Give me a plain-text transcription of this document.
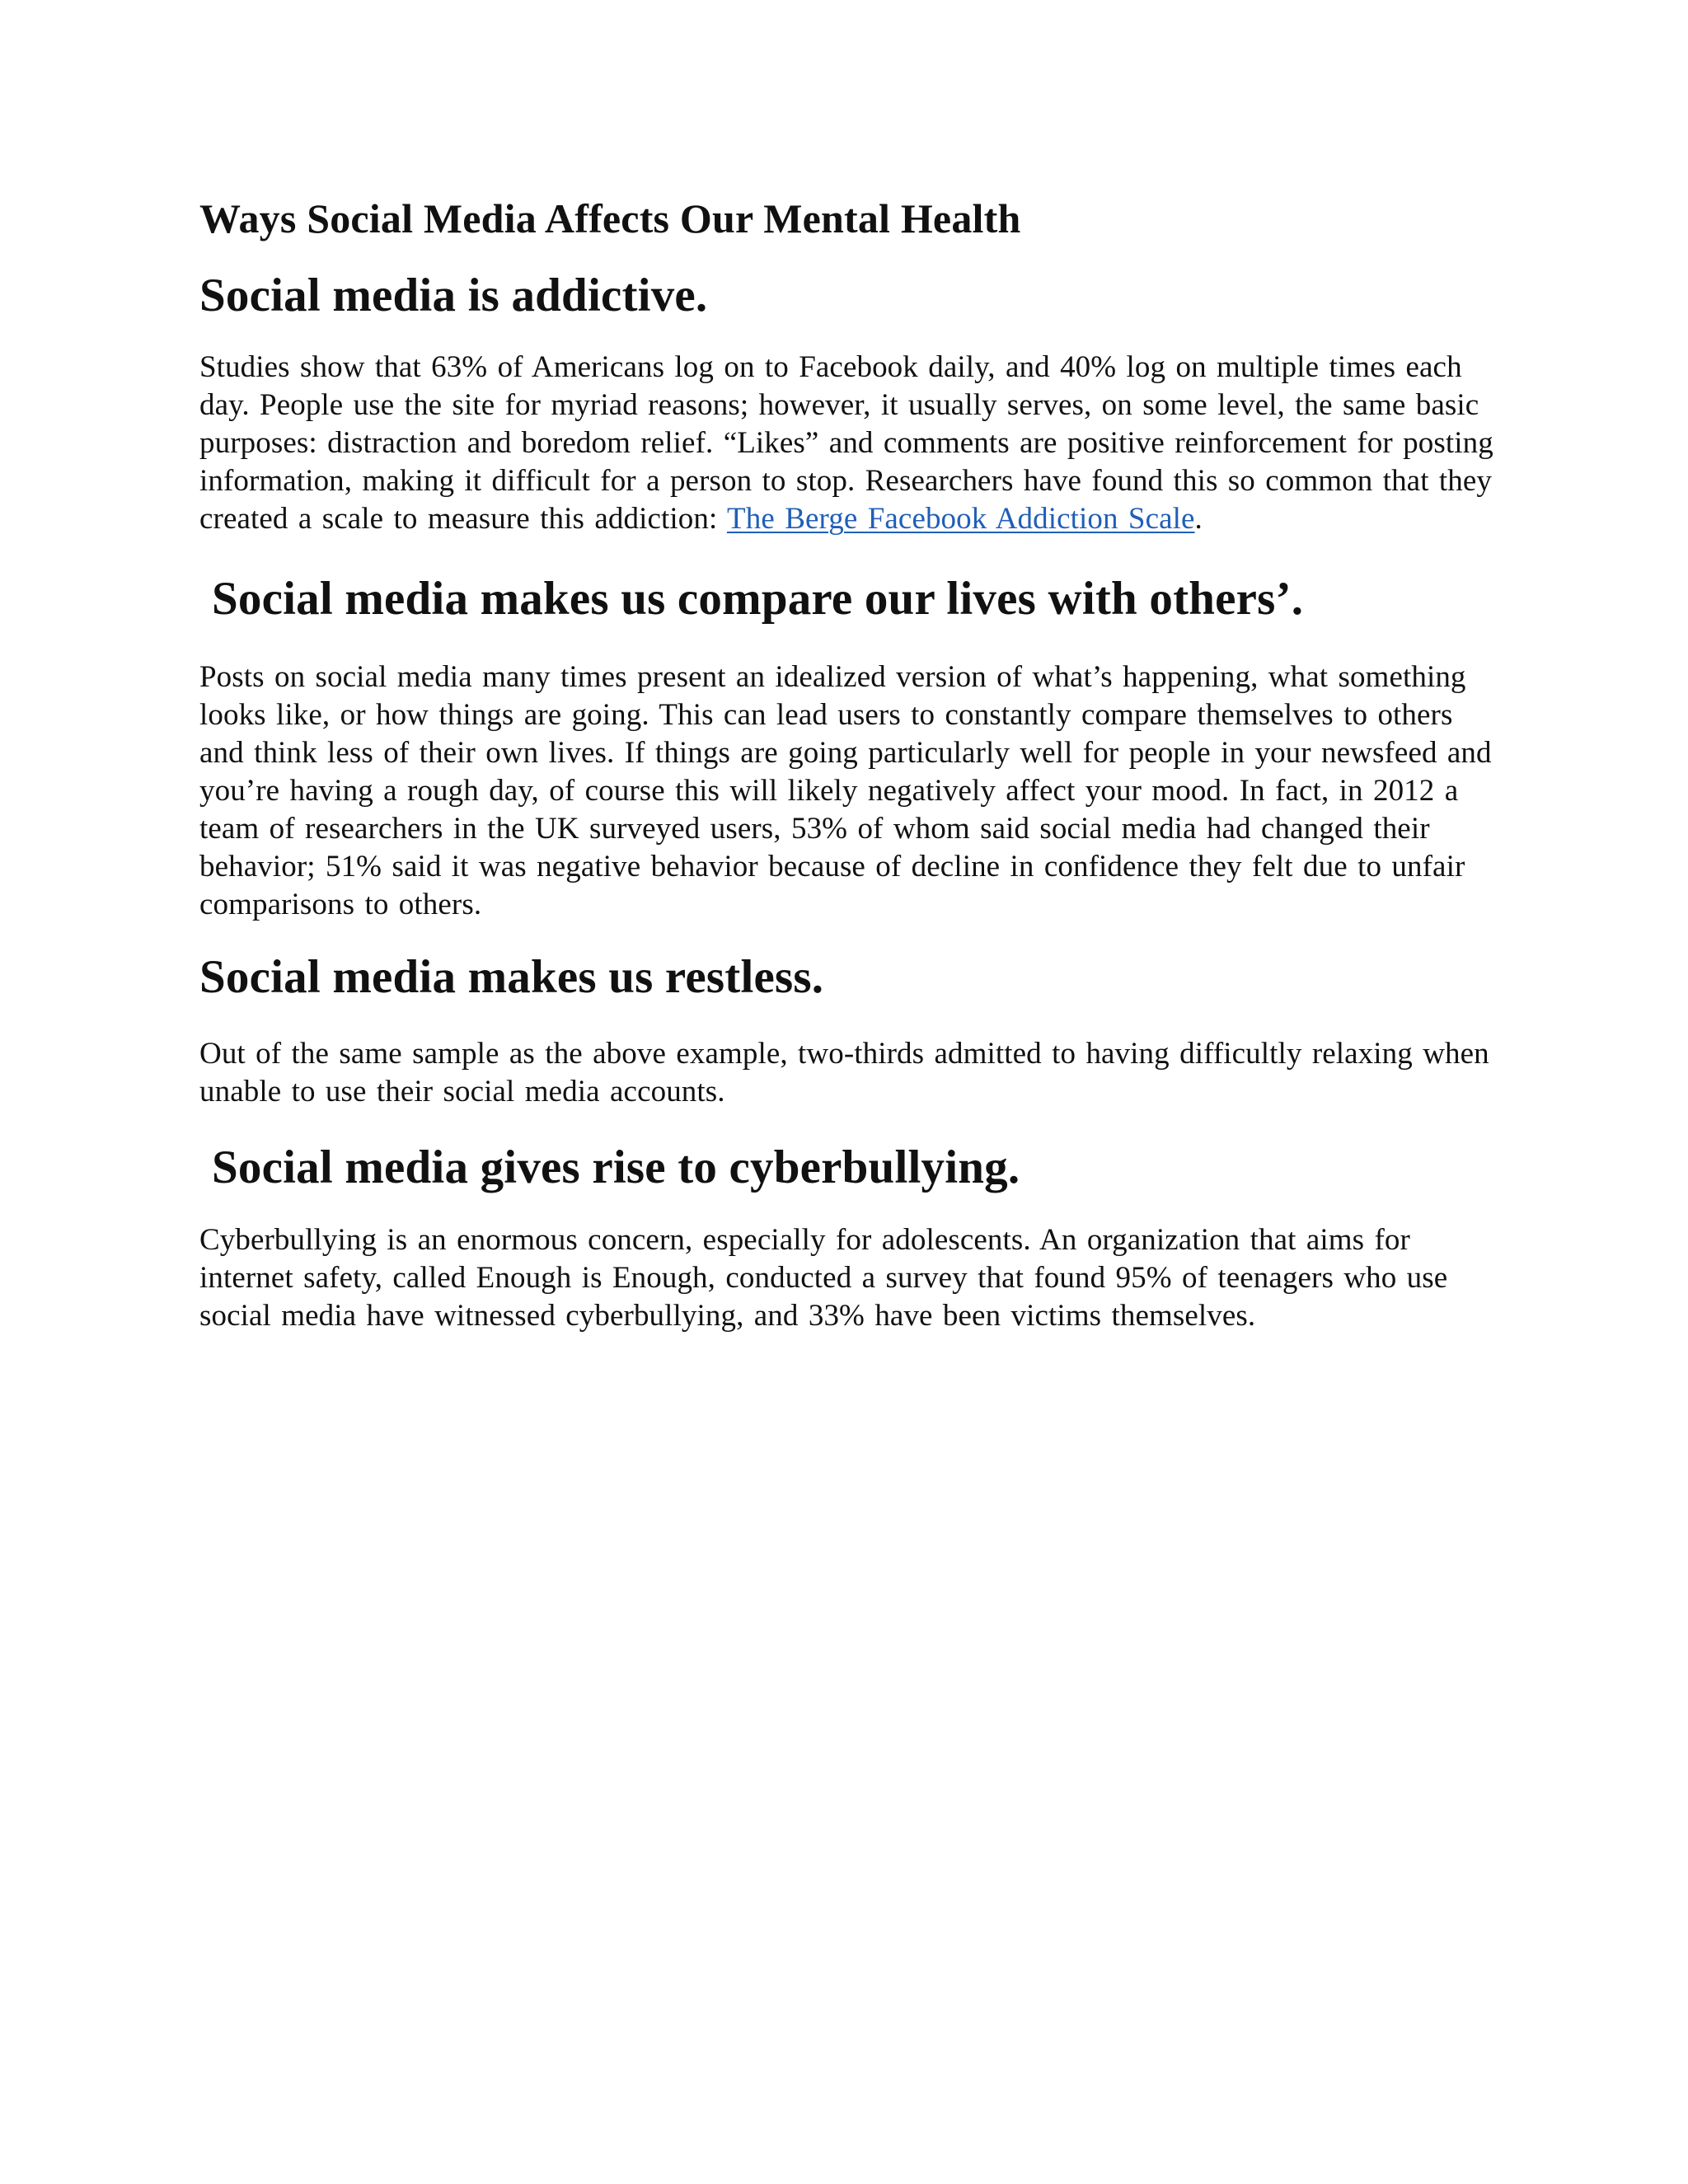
Ways Social Media Affects Our Mental Health
Social media is addictive.

Studies show that 63% of Americans log on to Facebook daily, and 40% log on multiple times each day. People use the site for myriad reasons; however, it usually serves, on some level, the same basic purposes: distraction and boredom relief. “Likes” and comments are positive reinforcement for posting information, making it difficult for a person to stop. Researchers have found this so common that they created a scale to measure this addiction: The Berge Facebook Addiction Scale.

Social media makes us compare our lives with others’.

Posts on social media many times present an idealized version of what’s happening, what something looks like, or how things are going. This can lead users to constantly compare themselves to others and think less of their own lives. If things are going particularly well for people in your newsfeed and you’re having a rough day, of course this will likely negatively affect your mood. In fact, in 2012 a team of researchers in the UK surveyed users, 53% of whom said social media had changed their behavior; 51% said it was negative behavior because of decline in confidence they felt due to unfair comparisons to others.

Social media makes us restless.

Out of the same sample as the above example, two-thirds admitted to having difficultly relaxing when unable to use their social media accounts.

Social media gives rise to cyberbullying.

Cyberbullying is an enormous concern, especially for adolescents. An organization that aims for internet safety, called Enough is Enough, conducted a survey that found 95% of teenagers who use social media have witnessed cyberbullying, and 33% have been victims themselves.
